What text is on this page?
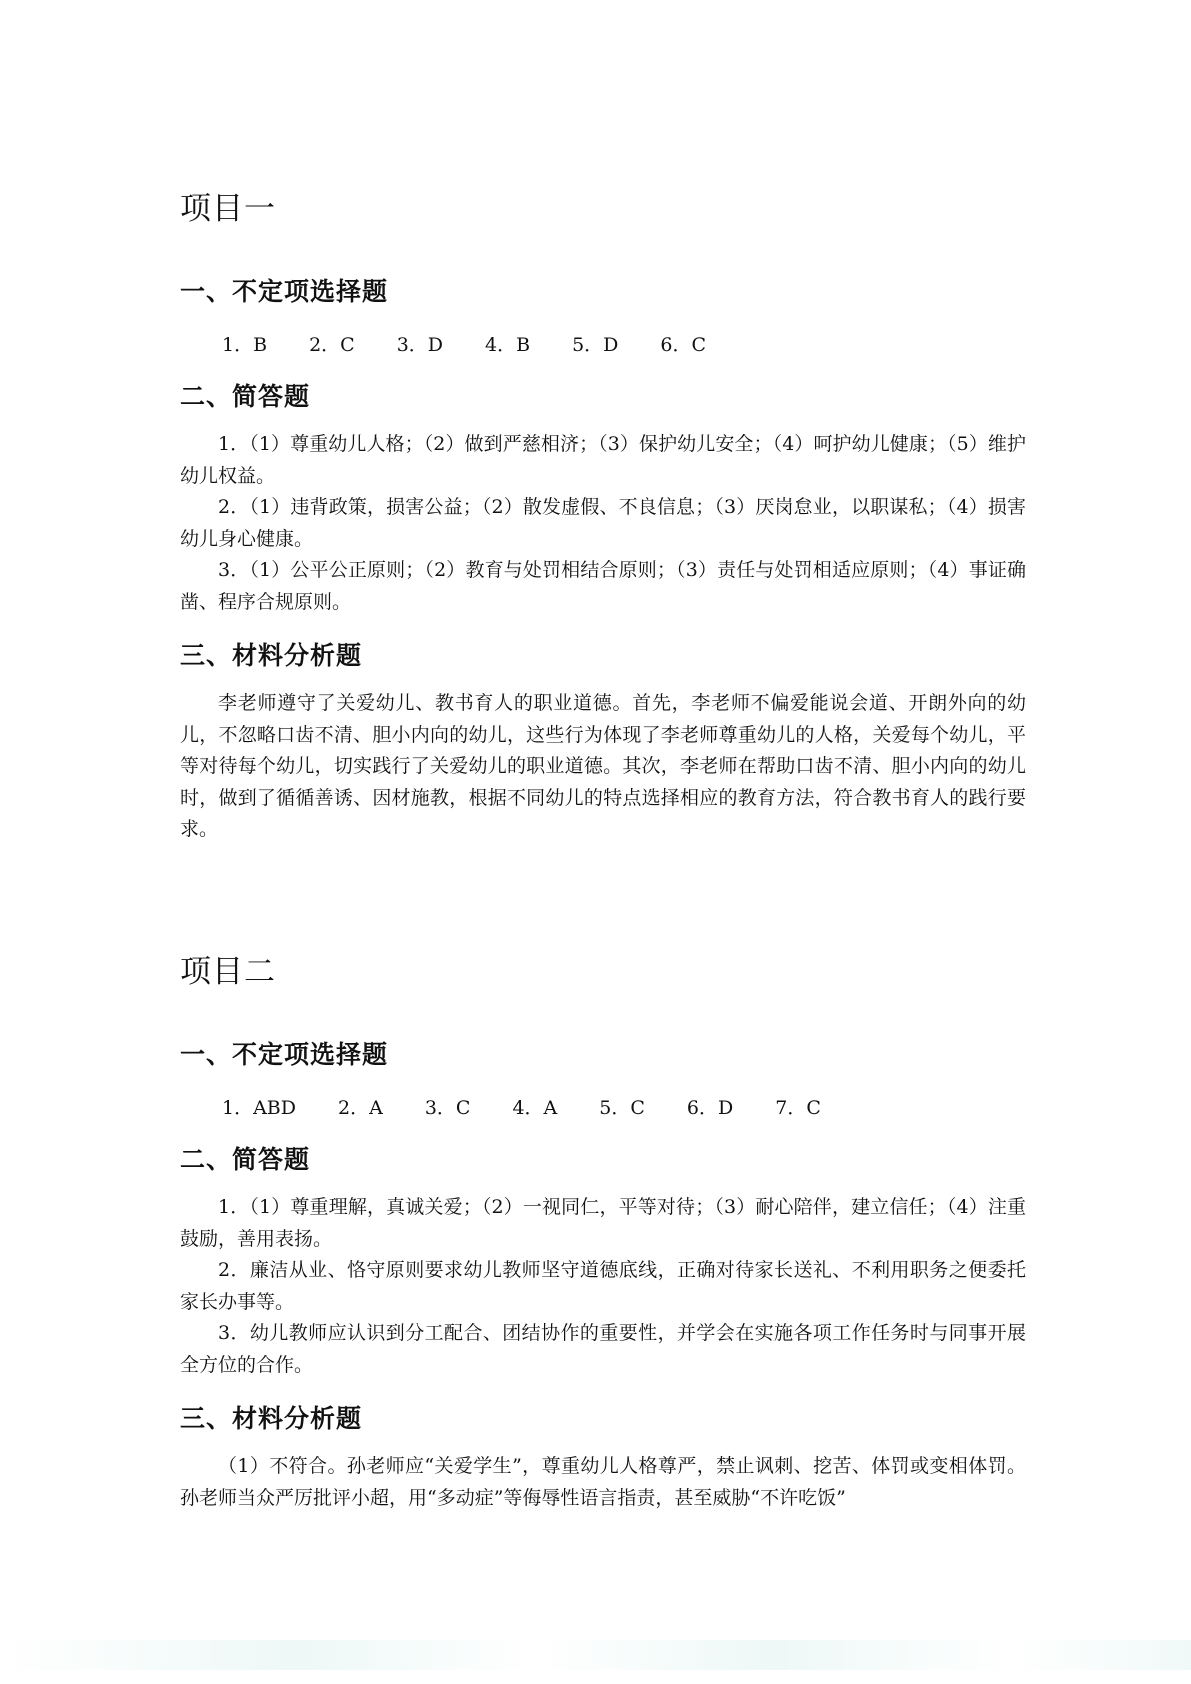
项目一
一、不定项选择题
1．B 2．C 3．D 4．B 5．D 6．C
二、简答题

1．（1）尊重幼儿人格；（2）做到严慈相济；（3）保护幼儿安全；（4）呵护幼儿健康；（5）维护幼儿权益。

2．（1）违背政策，损害公益；（2）散发虚假、不良信息；（3）厌岗怠业，以职谋私；（4）损害幼儿身心健康。

3．（1）公平公正原则；（2）教育与处罚相结合原则；（3）责任与处罚相适应原则；（4）事证确凿、程序合规原则。

三、材料分析题

李老师遵守了关爱幼儿、教书育人的职业道德。首先，李老师不偏爱能说会道、开朗外向的幼儿，不忽略口齿不清、胆小内向的幼儿，这些行为体现了李老师尊重幼儿的人格，关爱每个幼儿，平等对待每个幼儿，切实践行了关爱幼儿的职业道德。其次，李老师在帮助口齿不清、胆小内向的幼儿时，做到了循循善诱、因材施教，根据不同幼儿的特点选择相应的教育方法，符合教书育人的践行要求。

项目二
一、不定项选择题
1．ABD 2．A 3．C 4．A 5．C 6．D 7．C
二、简答题

1．（1）尊重理解，真诚关爱；（2）一视同仁，平等对待；（3）耐心陪伴，建立信任；（4）注重鼓励，善用表扬。

2．廉洁从业、恪守原则要求幼儿教师坚守道德底线，正确对待家长送礼、不利用职务之便委托家长办事等。

3．幼儿教师应认识到分工配合、团结协作的重要性，并学会在实施各项工作任务时与同事开展全方位的合作。

三、材料分析题

（1）不符合。孙老师应“关爱学生”，尊重幼儿人格尊严，禁止讽刺、挖苦、体罚或变相体罚。孙老师当众严厉批评小超，用“多动症”等侮辱性语言指责，甚至威胁“不许吃饭”
